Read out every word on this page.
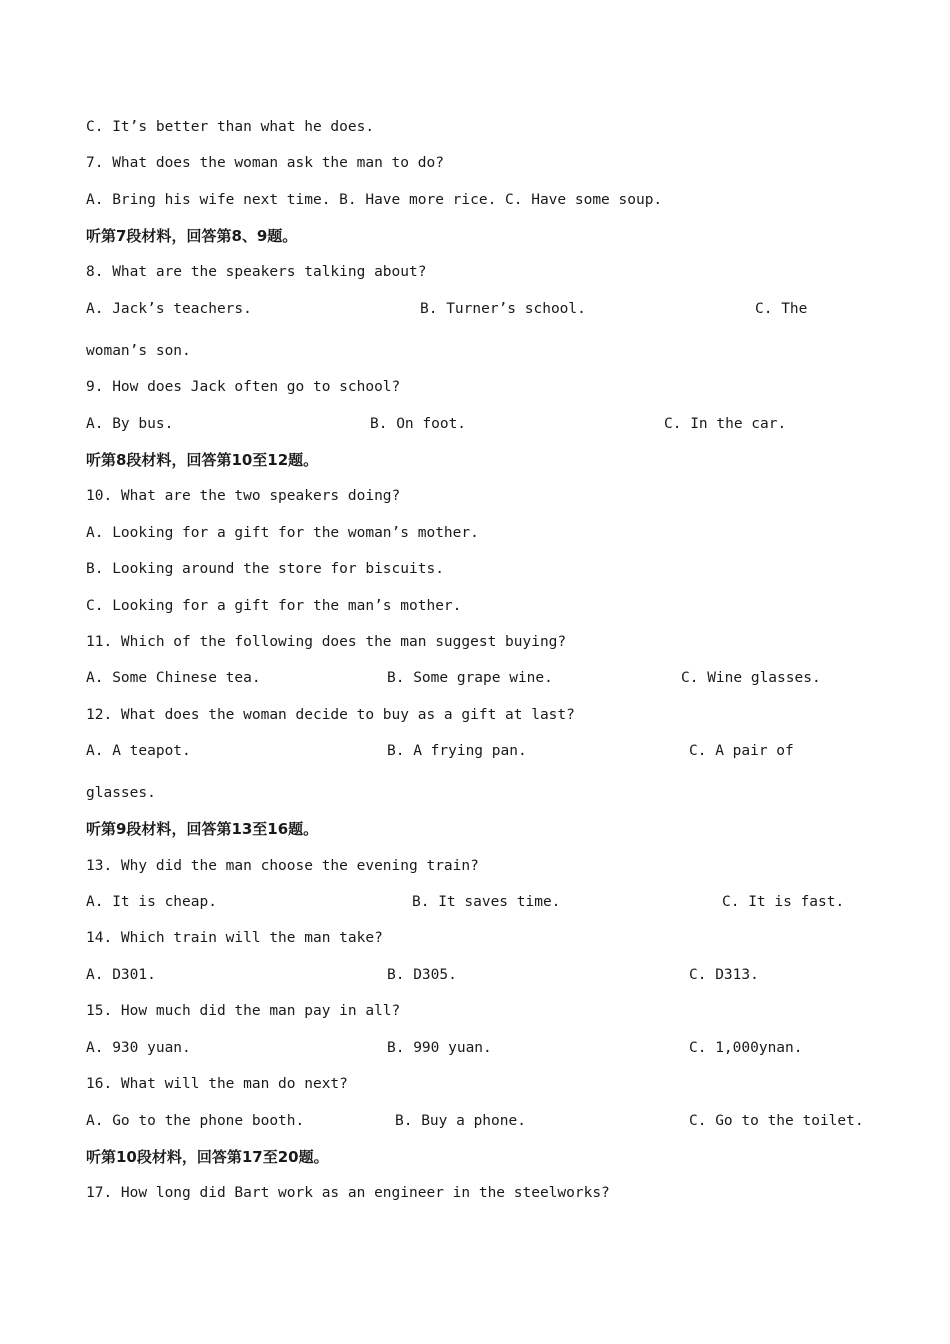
C. It’s better than what he does.
7. What does the woman ask the man to do?
A. Bring his wife next time. B. Have more rice. C. Have some soup.
听第7段材料，回答第8、9题。
8. What are the speakers talking about?
A. Jack’s teachers.	B. Turner’s school.	C. The
woman’s son.
9. How does Jack often go to school?
A. By bus.	B. On foot.	C. In the car.
听第8段材料，回答第10至12题。
10. What are the two speakers doing?
A. Looking for a gift for the woman’s mother.
B. Looking around the store for biscuits.
C. Looking for a gift for the man’s mother.
11. Which of the following does the man suggest buying?
A. Some Chinese tea.	B. Some grape wine.	C. Wine glasses.
12. What does the woman decide to buy as a gift at last?
A. A teapot.	B. A frying pan.	C. A pair of
glasses.
听第9段材料，回答第13至16题。
13. Why did the man choose the evening train?
A. It is cheap.	B. It saves time.	C. It is fast.
14. Which train will the man take?
A. D301.	B. D305.	C. D313.
15. How much did the man pay in all?
A. 930 yuan.	B. 990 yuan.	C. 1,000ynan.
16. What will the man do next?
A. Go to the phone booth.	B. Buy a phone.	C. Go to the toilet.
听第10段材料，回答第17至20题。
17. How long did Bart work as an engineer in the steelworks?
